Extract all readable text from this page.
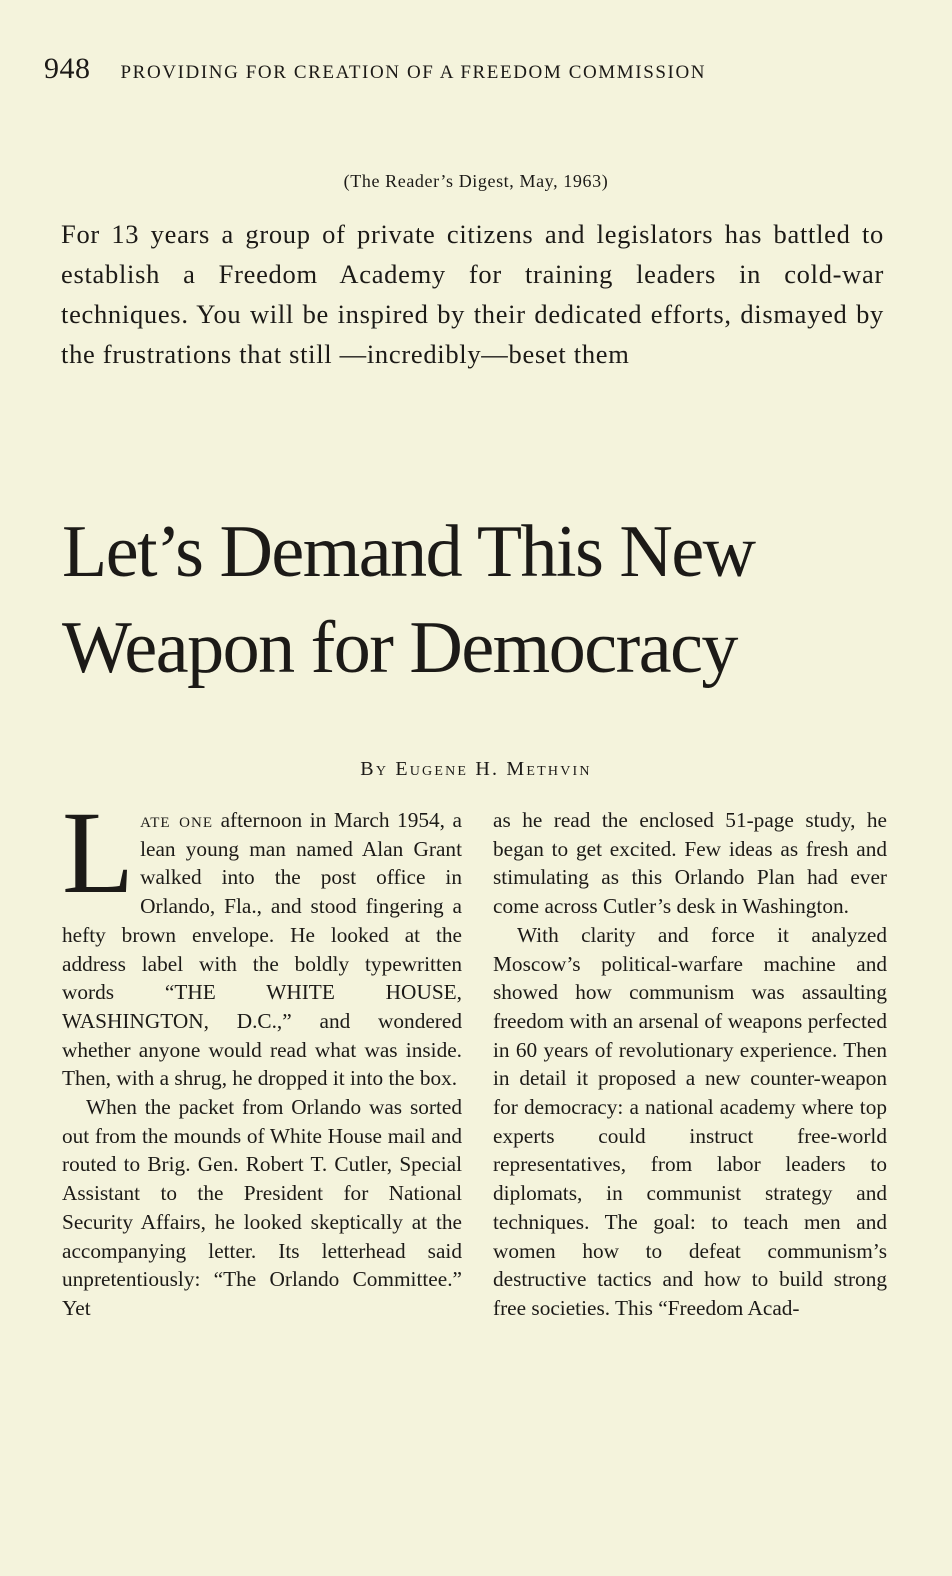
948 PROVIDING FOR CREATION OF A FREEDOM COMMISSION
(The Reader’s Digest, May, 1963)

For 13 years a group of private citizens and legislators has battled to establish a Freedom Academy for training leaders in cold-war techniques. You will be inspired by their dedicated efforts, dismayed by the frustrations that still —incredibly—beset them

Let’s Demand This New
Weapon for Democracy
By Eugene H. Methvin

Late one afternoon in March 1954, a lean young man named Alan Grant walked into the post office in Orlando, Fla., and stood fingering a hefty brown envelope. He looked at the address label with the boldly typewritten words “THE WHITE HOUSE, WASHINGTON, D.C.,” and wondered whether anyone would read what was inside. Then, with a shrug, he dropped it into the box.

When the packet from Orlando was sorted out from the mounds of White House mail and routed to Brig. Gen. Robert T. Cutler, Special Assistant to the President for National Security Affairs, he looked skeptically at the accompanying letter. Its letterhead said unpretentiously: “The Orlando Committee.” Yet

as he read the enclosed 51-page study, he began to get excited. Few ideas as fresh and stimulating as this Orlando Plan had ever come across Cutler’s desk in Washington.

With clarity and force it analyzed Moscow’s political-warfare machine and showed how communism was assaulting freedom with an arsenal of weapons perfected in 60 years of revolutionary experience. Then in detail it proposed a new counter-weapon for democracy: a national academy where top experts could instruct free-world representatives, from labor leaders to diplomats, in communist strategy and techniques. The goal: to teach men and women how to defeat communism’s destructive tactics and how to build strong free societies. This “Freedom Acad-
